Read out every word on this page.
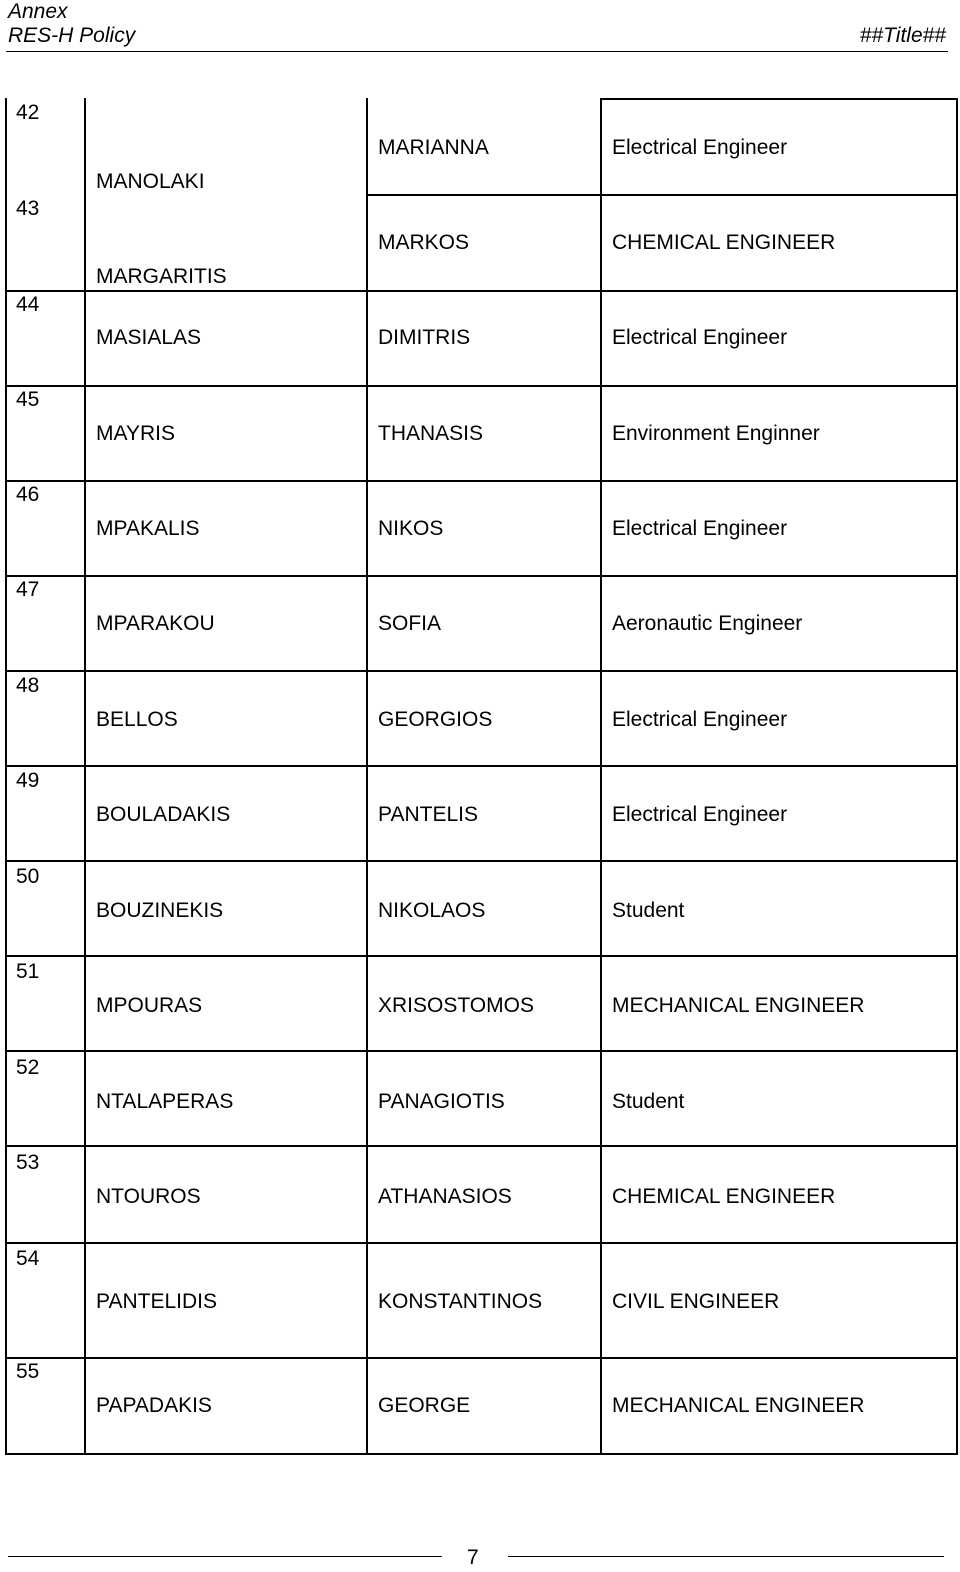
Annex
RES-H Policy	##Title##
42
MANOLAKI
MARIANNA	Electrical Engineer
43
MARGARITIS
MARKOS	CHEMICAL ENGINEER
44
MASIALAS	DIMITRIS	Electrical Engineer
45
MAYRIS	THANASIS	Environment Enginner
46
MPAKALIS	NIKOS	Electrical Engineer
47
MPARAKOU	SOFIA	Aeronautic Engineer
48
BELLOS	GEORGIOS	Electrical Engineer
49
BOULADAKIS	PANTELIS	Electrical Engineer
50
BOUZINEKIS	NIKOLAOS	Student
51
MPOURAS	XRISOSTOMOS	MECHANICAL ENGINEER
52
NTALAPERAS	PANAGIOTIS	Student
53
NTOUROS	ATHANASIOS	CHEMICAL ENGINEER
54
PANTELIDIS	KONSTANTINOS	CIVIL ENGINEER
55
PAPADAKIS	GEORGE	MECHANICAL ENGINEER
7
